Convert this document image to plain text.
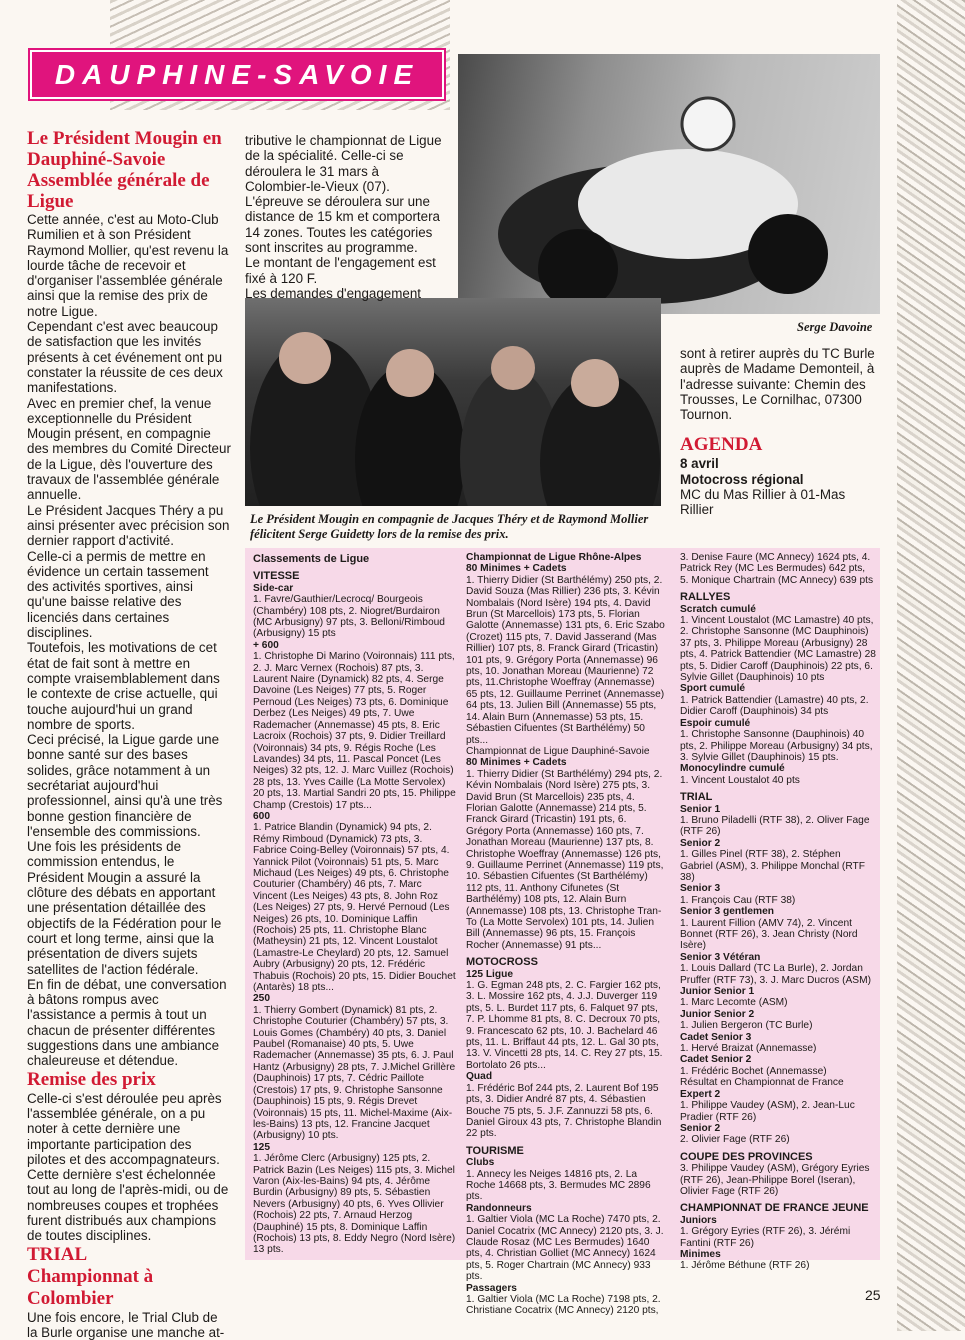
DAUPHINE-SAVOIE
Serge Davoine
Le Président Mougin en compagnie de Jacques Théry et de Raymond Mollier félicitent Serge Guidetty lors de la remise des prix.

Le Président Mougin en Dauphiné-Savoie Assemblée générale de Ligue

Cette année, c'est au Moto-Club Rumilien et à son Président Raymond Mollier, qu'est revenu la lourde tâche de recevoir et d'organiser l'assemblée générale ainsi que la remise des prix de notre Ligue.

Cependant c'est avec beaucoup de satisfaction que les invités présents à cet événement ont pu constater la réussite de ces deux manifestations.

Avec en premier chef, la venue exceptionnelle du Président Mougin présent, en compagnie des membres du Comité Directeur de la Ligue, dès l'ouverture des travaux de l'assemblée générale annuelle.

Le Président Jacques Théry a pu ainsi présenter avec précision son dernier rapport d'activité.

Celle-ci a permis de mettre en évidence un certain tassement des activités sportives, ainsi qu'une baisse relative des licenciés dans certaines disciplines.

Toutefois, les motivations de cet état de fait sont à mettre en compte vraisemblablement dans le contexte de crise actuelle, qui touche aujourd'hui un grand nombre de sports.

Ceci précisé, la Ligue garde une bonne santé sur des bases solides, grâce notamment à un secrétariat aujourd'hui professionnel, ainsi qu'à une très bonne gestion financière de l'ensemble des commissions.

Une fois les présidents de commission entendus, le Président Mougin a assuré la clôture des débats en apportant une présentation détaillée des objectifs de la Fédération pour le court et long terme, ainsi que la présentation de divers sujets satellites de l'action fédérale.

En fin de débat, une conversation à bâtons rompus avec l'assistance a permis à tout un chacun de présenter différentes suggestions dans une ambiance chaleureuse et détendue.

Remise des prix

Celle-ci s'est déroulée peu après l'assemblée générale, on a pu noter à cette dernière une importante participation des pilotes et des accompagnateurs.

Cette dernière s'est échelonnée tout au long de l'après-midi, ou de nombreuses coupes et trophées furent distribués aux champions de toutes disciplines.

TRIAL Championnat à Colombier

Une fois encore, le Trial Club de la Burle organise une manche at-

tributive le championnat de Ligue de la spécialité. Celle-ci se déroulera le 31 mars à Colombier-le-Vieux (07).

L'épreuve se déroulera sur une distance de 15 km et comportera 14 zones. Toutes les catégories sont inscrites au programme.

Le montant de l'engagement est fixé à 120 F.

Les demandes d'engagement

sont à retirer auprès du TC Burle auprès de Madame Demonteil, à l'adresse suivante: Chemin des Trousses, Le Cornilhac, 07300 Tournon.

AGENDA

8 avril

Motocross régional

MC du Mas Rillier à 01-Mas Rillier

Classements de Ligue
VITESSE
Side-car
1. Favre/Gauthier/Lecrocq/ Bourgeois (Chambéry) 108 pts, 2. Niogret/Burdairon (MC Arbusigny) 97 pts, 3. Belloni/Rimboud (Arbusigny) 15 pts
+ 600
1. Christophe Di Marino (Voironnais) 111 pts, 2. J. Marc Vernex (Rochois) 87 pts, 3. Laurent Naire (Dynamick) 82 pts, 4. Serge Davoine (Les Neiges) 77 pts, 5. Roger Pernoud (Les Neiges) 73 pts, 6. Dominique Derbez (Les Neiges) 49 pts, 7. Uwe Rademacher (Annemasse) 45 pts, 8. Eric Lacroix (Rochois) 37 pts, 9. Didier Treillard (Voironnais) 34 pts, 9. Régis Roche (Les Lavandes) 34 pts, 11. Pascal Poncet (Les Neiges) 32 pts, 12. J. Marc Vuillez (Rochois) 28 pts, 13. Yves Caille (La Motte Servolex) 20 pts, 13. Martial Sandri 20 pts, 15. Philippe Champ (Crestois) 17 pts...
600
1. Patrice Blandin (Dynamick) 94 pts, 2. Rémy Rimboud (Dynamick) 73 pts, 3. Fabrice Coing-Belley (Voironnais) 57 pts, 4. Yannick Pilot (Voironnais) 51 pts, 5. Marc Michaud (Les Neiges) 49 pts, 6. Christophe Couturier (Chambéry) 46 pts, 7. Marc Vincent (Les Neiges) 43 pts, 8. John Roz (Les Neiges) 27 pts, 9. Hervé Pernoud (Les Neiges) 26 pts, 10. Dominique Laffin (Rochois) 25 pts, 11. Christophe Blanc (Matheysin) 21 pts, 12. Vincent Loustalot (Lamastre-Le Cheylard) 20 pts, 12. Samuel Aubry (Arbusigny) 20 pts, 12. Frédéric Thabuis (Rochois) 20 pts, 15. Didier Bouchet (Antarès) 18 pts...
250
1. Thierry Gombert (Dynamick) 81 pts, 2. Christophe Couturier (Chambéry) 57 pts, 3. Louis Gomes (Chambéry) 40 pts, 3. Daniel Paubel (Romanaise) 40 pts, 5. Uwe Rademacher (Annemasse) 35 pts, 6. J. Paul Hantz (Arbusigny) 28 pts, 7. J.Michel Grillère (Dauphinois) 17 pts, 7. Cédric Paillote (Crestois) 17 pts, 9. Christophe Sansonne (Dauphinois) 15 pts, 9. Régis Drevet (Voironnais) 15 pts, 11. Michel-Maxime (Aix-les-Bains) 13 pts, 12. Francine Jacquet (Arbusigny) 10 pts.
125
1. Jérôme Clerc (Arbusigny) 125 pts, 2. Patrick Bazin (Les Neiges) 115 pts, 3. Michel Varon (Aix-les-Bains) 94 pts, 4. Jérôme Burdin (Arbusigny) 89 pts, 5. Sébastien Nevers (Arbusigny) 40 pts, 6. Yves Ollivier (Rochois) 22 pts, 7. Arnaud Herzog (Dauphiné) 15 pts, 8. Dominique Laffin (Rochois) 13 pts, 8. Eddy Negro (Nord Isère) 13 pts.
Championnat de Ligue Rhône-Alpes
80 Minimes + Cadets
1. Thierry Didier (St Barthélémy) 250 pts, 2. David Souza (Mas Rillier) 236 pts, 3. Kévin Nombalais (Nord Isère) 194 pts, 4. David Brun (St Marcellois) 173 pts, 5. Florian Galotte (Annemasse) 131 pts, 6. Eric Szabo (Crozet) 115 pts, 7. David Jasserand (Mas Rillier) 107 pts, 8. Franck Girard (Tricastin) 101 pts, 9. Grégory Porta (Annemasse) 96 pts, 10. Jonathan Moreau (Maurienne) 72 pts, 11.Christophe Woeffray (Annemasse) 65 pts, 12. Guillaume Perrinet (Annemasse) 64 pts, 13. Julien Bill (Annemasse) 55 pts, 14. Alain Burn (Annemasse) 53 pts, 15. Sébastien Cifuentes (St Barthélémy) 50 pts...
Championnat de Ligue Dauphiné-Savoie
80 Minimes + Cadets
1. Thierry Didier (St Barthélémy) 294 pts, 2. Kévin Nombalais (Nord Isère) 275 pts, 3. David Brun (St Marcellois) 235 pts, 4. Florian Galotte (Annemasse) 214 pts, 5. Franck Girard (Tricastin) 191 pts, 6. Grégory Porta (Annemasse) 160 pts, 7. Jonathan Moreau (Maurienne) 137 pts, 8. Christophe Woeffray (Annemasse) 126 pts, 9. Guillaume Perrinet (Annemasse) 119 pts, 10. Sébastien Cifuentes (St Barthélémy) 112 pts, 11. Anthony Cifunetes (St Barthélémy) 108 pts, 12. Alain Burn (Annemasse) 108 pts, 13. Christophe Tran-To (La Motte Servolex) 101 pts, 14. Julien Bill (Annemasse) 96 pts, 15. François Rocher (Annemasse) 91 pts...
MOTOCROSS
125 Ligue
1. G. Egman 248 pts, 2. C. Fargier 162 pts, 3. L. Mossire 162 pts, 4. J.J. Duverger 119 pts, 5. L. Burdet 117 pts, 6. Falquet 97 pts, 7. P. Lhomme 81 pts, 8. C. Decroux 70 pts, 9. Francescato 62 pts, 10. J. Bachelard 46 pts, 11. L. Briffaut 44 pts, 12. L. Gal 30 pts, 13. V. Vincetti 28 pts, 14. C. Rey 27 pts, 15. Bortolato 26 pts...
Quad
1. Frédéric Bof 244 pts, 2. Laurent Bof 195 pts, 3. Didier André 87 pts, 4. Sébastien Bouche 75 pts, 5. J.F. Zannuzzi 58 pts, 6. Daniel Giroux 43 pts, 7. Christophe Blandin 22 pts.
TOURISME
Clubs
1. Annecy les Neiges 14816 pts, 2. La Roche 14668 pts, 3. Bermudes MC 2896 pts.
Randonneurs
1. Galtier Viola (MC La Roche) 7470 pts, 2. Daniel Cocatrix (MC Annecy) 2120 pts, 3. J. Claude Rosaz (MC Les Bermudes) 1640 pts, 4. Christian Golliet (MC Annecy) 1624 pts, 5. Roger Chartrain (MC Annecy) 933 pts.
Passagers
1. Galtier Viola (MC La Roche) 7198 pts, 2. Christiane Cocatrix (MC Annecy) 2120 pts,
3. Denise Faure (MC Annecy) 1624 pts, 4. Patrick Rey (MC Les Bermudes) 642 pts, 5. Monique Chartrain (MC Annecy) 639 pts
RALLYES
Scratch cumulé
1. Vincent Loustalot (MC Lamastre) 40 pts, 2. Christophe Sansonne (MC Dauphinois) 37 pts, 3. Philippe Moreau (Arbusigny) 28 pts, 4. Patrick Battendier (MC Lamastre) 28 pts, 5. Didier Caroff (Dauphinois) 22 pts, 6. Sylvie Gillet (Dauphinois) 10 pts
Sport cumulé
1. Patrick Battendier (Lamastre) 40 pts, 2. Didier Caroff (Dauphinois) 34 pts
Espoir cumulé
1. Christophe Sansonne (Dauphinois) 40 pts, 2. Philippe Moreau (Arbusigny) 34 pts, 3. Sylvie Gillet (Dauphinois) 15 pts.
Monocylindre cumulé
1. Vincent Loustalot 40 pts
TRIAL
Senior 1
1. Bruno Piladelli (RTF 38), 2. Oliver Fage (RTF 26)
Senior 2
1. Gilles Pinel (RTF 38), 2. Stéphen Gabriel (ASM), 3. Philippe Monchal (RTF 38)
Senior 3
1. François Cau (RTF 38)
Senior 3 gentlemen
1. Laurent Fillion (AMV 74), 2. Vincent Bonnet (RTF 26), 3. Jean Christy (Nord Isère)
Senior 3 Vétéran
1. Louis Dallard (TC La Burle), 2. Jordan Pruffer (RTF 73), 3. J. Marc Ducros (ASM)
Junior Senior 1
1. Marc Lecomte (ASM)
Junior Senior 2
1. Julien Bergeron (TC Burle)
Cadet Senior 3
1. Hervé Braizat (Annemasse)
Cadet Senior 2
1. Frédéric Bochet (Annemasse)
Résultat en Championnat de France
Expert 2
1. Philippe Vaudey (ASM), 2. Jean-Luc Pradier (RTF 26)
Senior 2
2. Olivier Fage (RTF 26)
COUPE DES PROVINCES
3. Philippe Vaudey (ASM), Grégory Eyries (RTF 26), Jean-Philippe Borel (Iseran), Olivier Fage (RTF 26)
CHAMPIONNAT DE FRANCE JEUNE
Juniors
1. Grégory Eyries (RTF 26), 3. Jérémi Fantini (RTF 26)
Minimes
1. Jérôme Béthune (RTF 26)
25
